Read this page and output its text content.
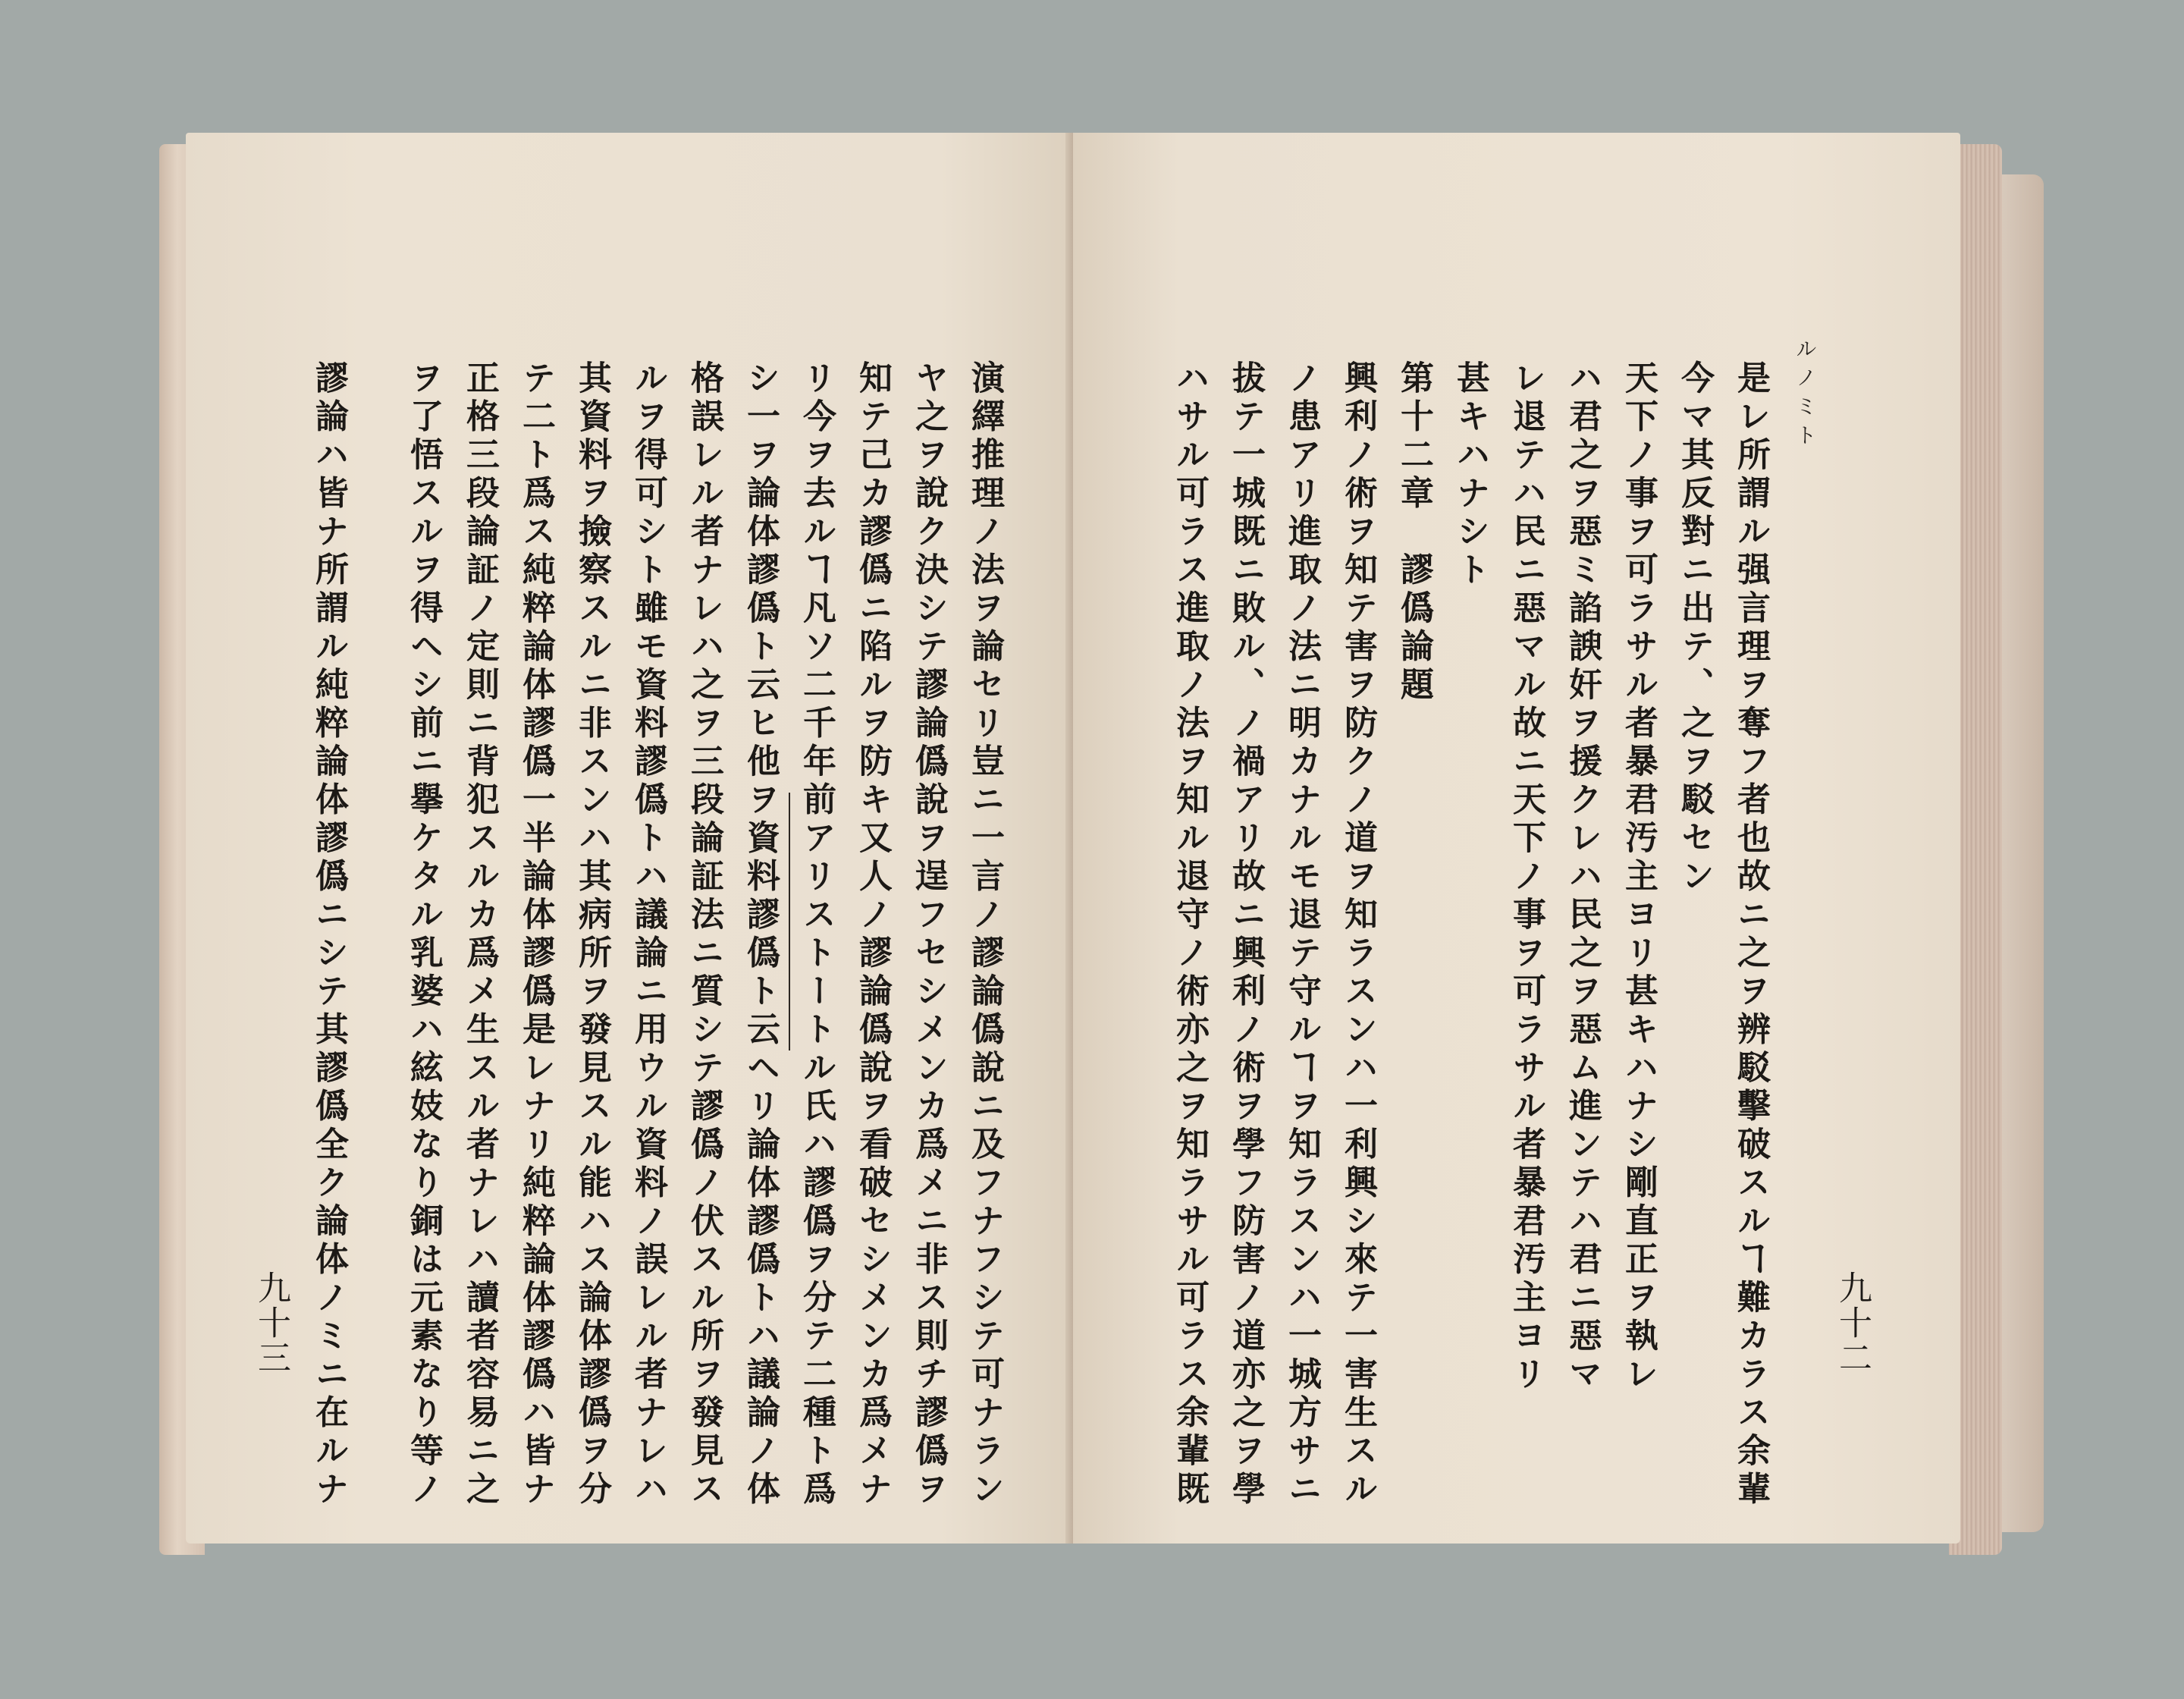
演繹推理ノ法ヲ論セリ豈ニ一言ノ謬論僞說ニ及フナフシテ可ナラン
ヤ之ヲ說ク決シテ謬論僞說ヲ逞フセシメンカ爲メニ非ス則チ謬僞ヲ
知テ己カ謬僞ニ陷ルヲ防キ又人ノ謬論僞說ヲ看破セシメンカ爲メナ
リ今ヲ去ルヿ凡ソ二千年前アリストートル氏ハ謬僞ヲ分テ二種ト爲
シ一ヲ論体謬僞ト云ヒ他ヲ資料謬僞ト云ヘリ論体謬僞トハ議論ノ体
格誤レル者ナレハ之ヲ三段論証法ニ質シテ謬僞ノ伏スル所ヲ發見ス
ルヲ得可シト雖モ資料謬僞トハ議論ニ用ウル資料ノ誤レル者ナレハ
其資料ヲ撿察スルニ非スンハ其病所ヲ發見スル能ハス論体謬僞ヲ分
テ二ト爲ス純粹論体謬僞一半論体謬僞是レナリ純粹論体謬僞ハ皆ナ
正格三段論証ノ定則ニ背犯スルカ爲メ生スル者ナレハ讀者容易ニ之
ヲ了悟スルヲ得ヘシ前ニ擧ケタル乳婆ハ絃妓なり銅は元素なり等ノ
謬論ハ皆ナ所謂ル純粹論体謬僞ニシテ其謬僞全ク論体ノミニ在ルナ
九十三
ルノミト
是レ所謂ル强言理ヲ奪フ者也故ニ之ヲ辨駁擊破スルヿ難カラス余輩
今マ其反對ニ出テ、之ヲ駁セン
天下ノ事ヲ可ラサル者暴君汚主ヨリ甚キハナシ剛直正ヲ執レ
ハ君之ヲ惡ミ諂諛奸ヲ援クレハ民之ヲ惡ム進ンテハ君ニ惡マ
レ退テハ民ニ惡マル故ニ天下ノ事ヲ可ラサル者暴君汚主ヨリ
甚キハナシト
第十二章　謬僞論題
興利ノ術ヲ知テ害ヲ防クノ道ヲ知ラスンハ一利興シ來テ一害生スル
ノ患アリ進取ノ法ニ明カナルモ退テ守ルヿヲ知ラスンハ一城方サニ
拔テ一城既ニ敗ル、ノ禍アリ故ニ興利ノ術ヲ學フ防害ノ道亦之ヲ學
ハサル可ラス進取ノ法ヲ知ル退守ノ術亦之ヲ知ラサル可ラス余輩既	九十二
